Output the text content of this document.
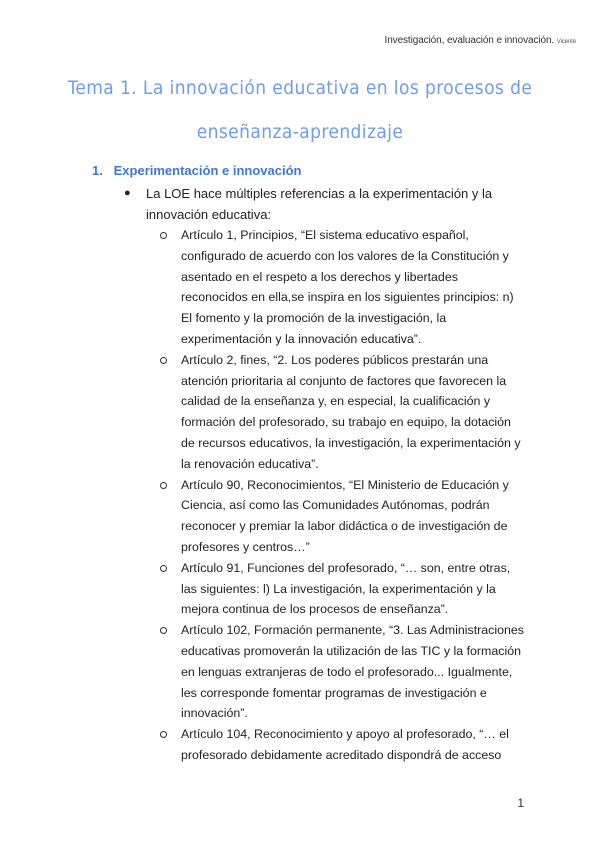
Investigación, evaluación e innovación. Vicente
Tema 1. La innovación educativa en los procesos de
enseñanza-aprendizaje
1. Experimentación e innovación
● La LOE hace múltiples referencias a la experimentación y la innovación educativa:
Artículo 1, Principios, “El sistema educativo español, configurado de acuerdo con los valores de la Constitución y asentado en el respeto a los derechos y libertades reconocidos en ella,se inspira en los siguientes principios: n) El fomento y la promoción de la investigación, la experimentación y la innovación educativa”.
Artículo 2, fines, “2. Los poderes públicos prestarán una atención prioritaria al conjunto de factores que favorecen la calidad de la enseñanza y, en especial, la cualificación y formación del profesorado, su trabajo en equipo, la dotación de recursos educativos, la investigación, la experimentación y la renovación educativa”.
Artículo 90, Reconocimientos, “El Ministerio de Educación y Ciencia, así como las Comunidades Autónomas, podrán reconocer y premiar la labor didáctica o de investigación de profesores y centros…”
Artículo 91, Funciones del profesorado, “… son, entre otras, las siguientes: l) La investigación, la experimentación y la mejora continua de los procesos de enseñanza”.
Artículo 102, Formación permanente, “3. Las Administraciones educativas promoverán la utilización de las TIC y la formación en lenguas extranjeras de todo el profesorado... Igualmente, les corresponde fomentar programas de investigación e innovación”.
Artículo 104, Reconocimiento y apoyo al profesorado, “… el profesorado debidamente acreditado dispondrá de acceso
1
